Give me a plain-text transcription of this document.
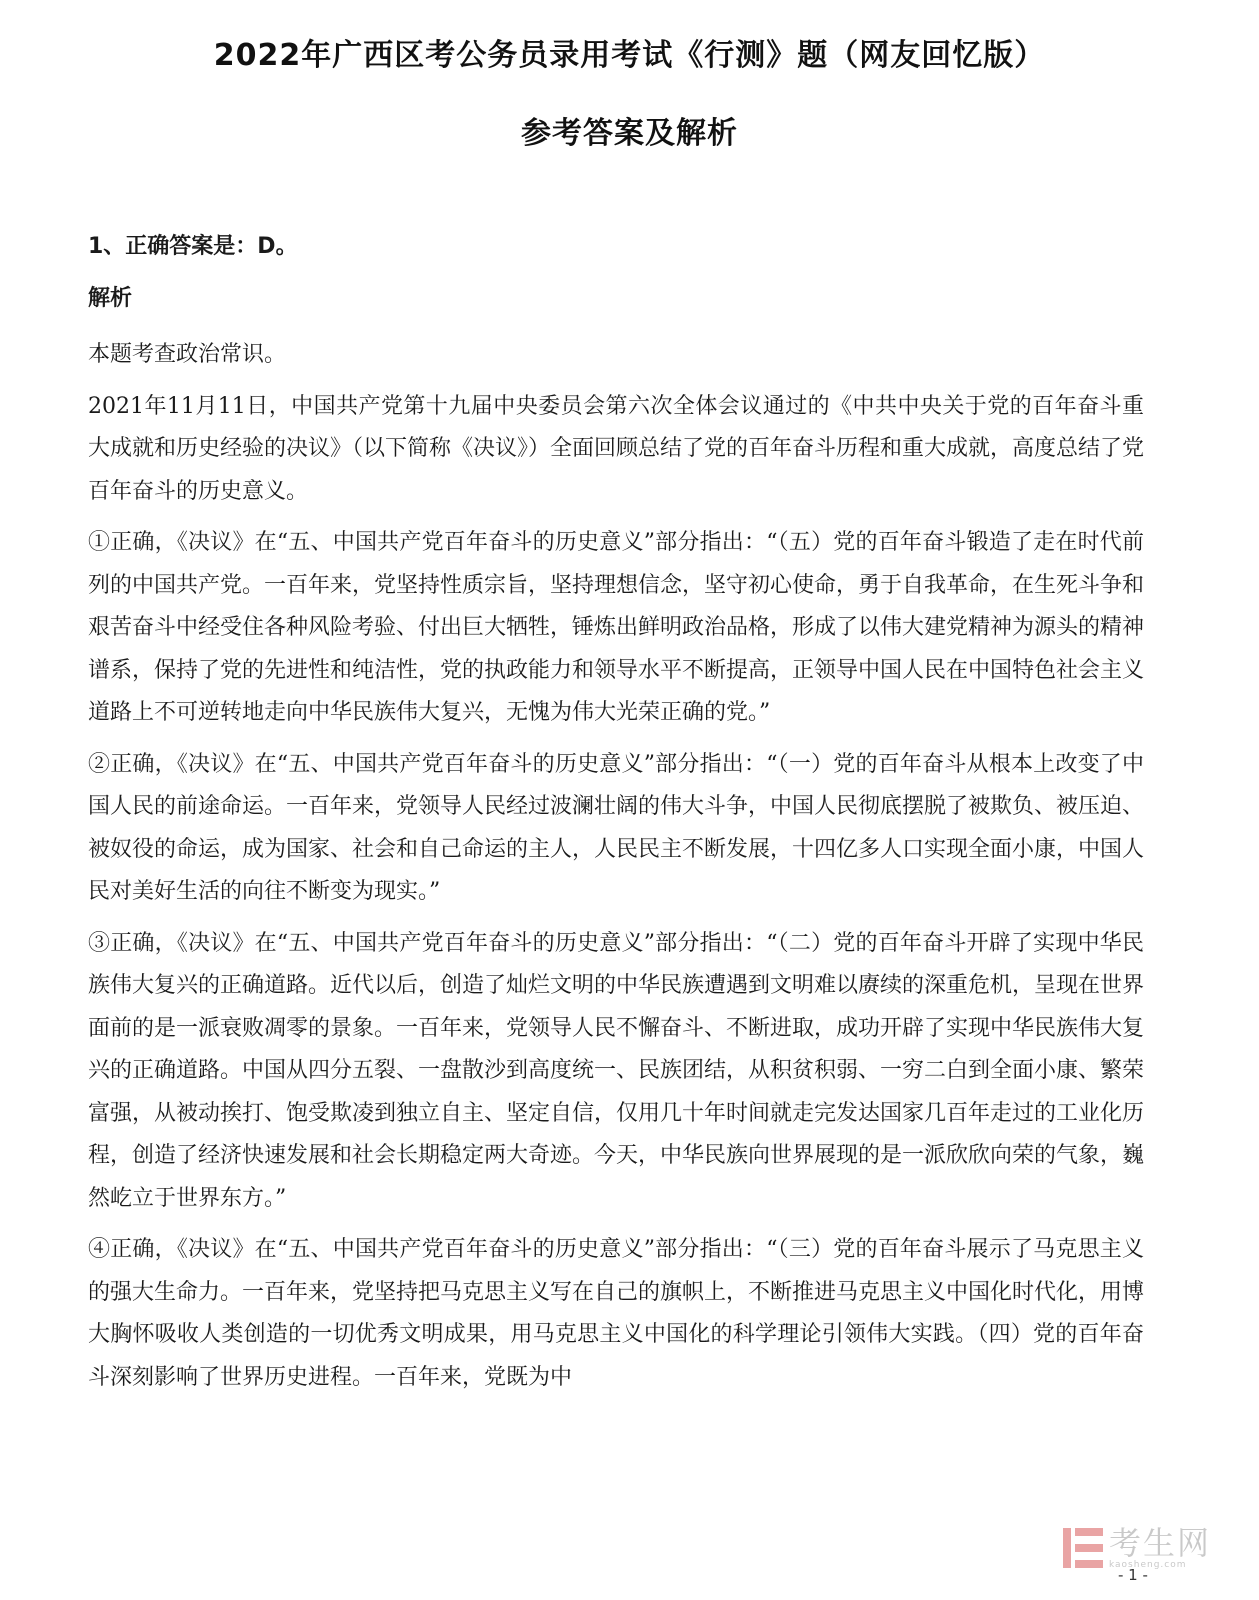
2022年广西区考公务员录用考试《行测》题（网友回忆版）
参考答案及解析
1、正确答案是：D。
解析

本题考查政治常识。

2021年11月11日，中国共产党第十九届中央委员会第六次全体会议通过的《中共中央关于党的百年奋斗重大成就和历史经验的决议》（以下简称《决议》）全面回顾总结了党的百年奋斗历程和重大成就，高度总结了党百年奋斗的历史意义。

①正确，《决议》在“五、中国共产党百年奋斗的历史意义”部分指出：“（五）党的百年奋斗锻造了走在时代前列的中国共产党。一百年来，党坚持性质宗旨，坚持理想信念，坚守初心使命，勇于自我革命，在生死斗争和艰苦奋斗中经受住各种风险考验、付出巨大牺牲，锤炼出鲜明政治品格，形成了以伟大建党精神为源头的精神谱系，保持了党的先进性和纯洁性，党的执政能力和领导水平不断提高，正领导中国人民在中国特色社会主义道路上不可逆转地走向中华民族伟大复兴，无愧为伟大光荣正确的党。”

②正确，《决议》在“五、中国共产党百年奋斗的历史意义”部分指出：“（一）党的百年奋斗从根本上改变了中国人民的前途命运。一百年来，党领导人民经过波澜壮阔的伟大斗争，中国人民彻底摆脱了被欺负、被压迫、被奴役的命运，成为国家、社会和自己命运的主人，人民民主不断发展，十四亿多人口实现全面小康，中国人民对美好生活的向往不断变为现实。”

③正确，《决议》在“五、中国共产党百年奋斗的历史意义”部分指出：“（二）党的百年奋斗开辟了实现中华民族伟大复兴的正确道路。近代以后，创造了灿烂文明的中华民族遭遇到文明难以赓续的深重危机，呈现在世界面前的是一派衰败凋零的景象。一百年来，党领导人民不懈奋斗、不断进取，成功开辟了实现中华民族伟大复兴的正确道路。中国从四分五裂、一盘散沙到高度统一、民族团结，从积贫积弱、一穷二白到全面小康、繁荣富强，从被动挨打、饱受欺凌到独立自主、坚定自信，仅用几十年时间就走完发达国家几百年走过的工业化历程，创造了经济快速发展和社会长期稳定两大奇迹。今天，中华民族向世界展现的是一派欣欣向荣的气象，巍然屹立于世界东方。”

④正确，《决议》在“五、中国共产党百年奋斗的历史意义”部分指出：“（三）党的百年奋斗展示了马克思主义的强大生命力。一百年来，党坚持把马克思主义写在自己的旗帜上，不断推进马克思主义中国化时代化，用博大胸怀吸收人类创造的一切优秀文明成果，用马克思主义中国化的科学理论引领伟大实践。（四）党的百年奋斗深刻影响了世界历史进程。一百年来，党既为中

- 1 -
考生网
kaosheng.com
